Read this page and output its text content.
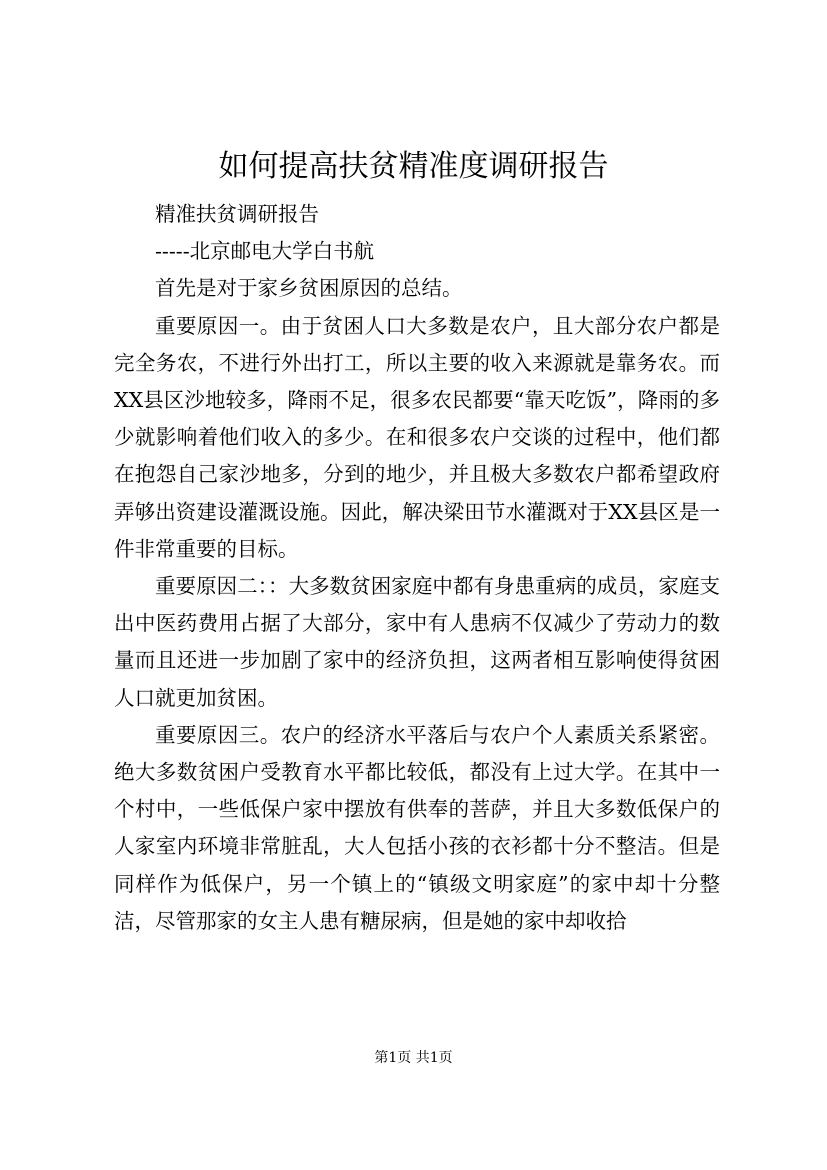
如何提高扶贫精准度调研报告

精准扶贫调研报告

-----北京邮电大学白书航

首先是对于家乡贫困原因的总结。

重要原因一。由于贫困人口大多数是农户，且大部分农户都是完全务农，不进行外出打工，所以主要的收入来源就是靠务农。而XX县区沙地较多，降雨不足，很多农民都要“靠天吃饭”，降雨的多少就影响着他们收入的多少。在和很多农户交谈的过程中，他们都在抱怨自己家沙地多，分到的地少，并且极大多数农户都希望政府弄够出资建设灌溉设施。因此，解决梁田节水灌溉对于XX县区是一件非常重要的目标。

重要原因二：：大多数贫困家庭中都有身患重病的成员，家庭支出中医药费用占据了大部分，家中有人患病不仅减少了劳动力的数量而且还进一步加剧了家中的经济负担，这两者相互影响使得贫困人口就更加贫困。

重要原因三。农户的经济水平落后与农户个人素质关系紧密。绝大多数贫困户受教育水平都比较低，都没有上过大学。在其中一个村中，一些低保户家中摆放有供奉的菩萨，并且大多数低保户的人家室内环境非常脏乱，大人包括小孩的衣衫都十分不整洁。但是同样作为低保户，另一个镇上的“镇级文明家庭”的家中却十分整洁，尽管那家的女主人患有糖尿病，但是她的家中却收拾

第1页 共1页
